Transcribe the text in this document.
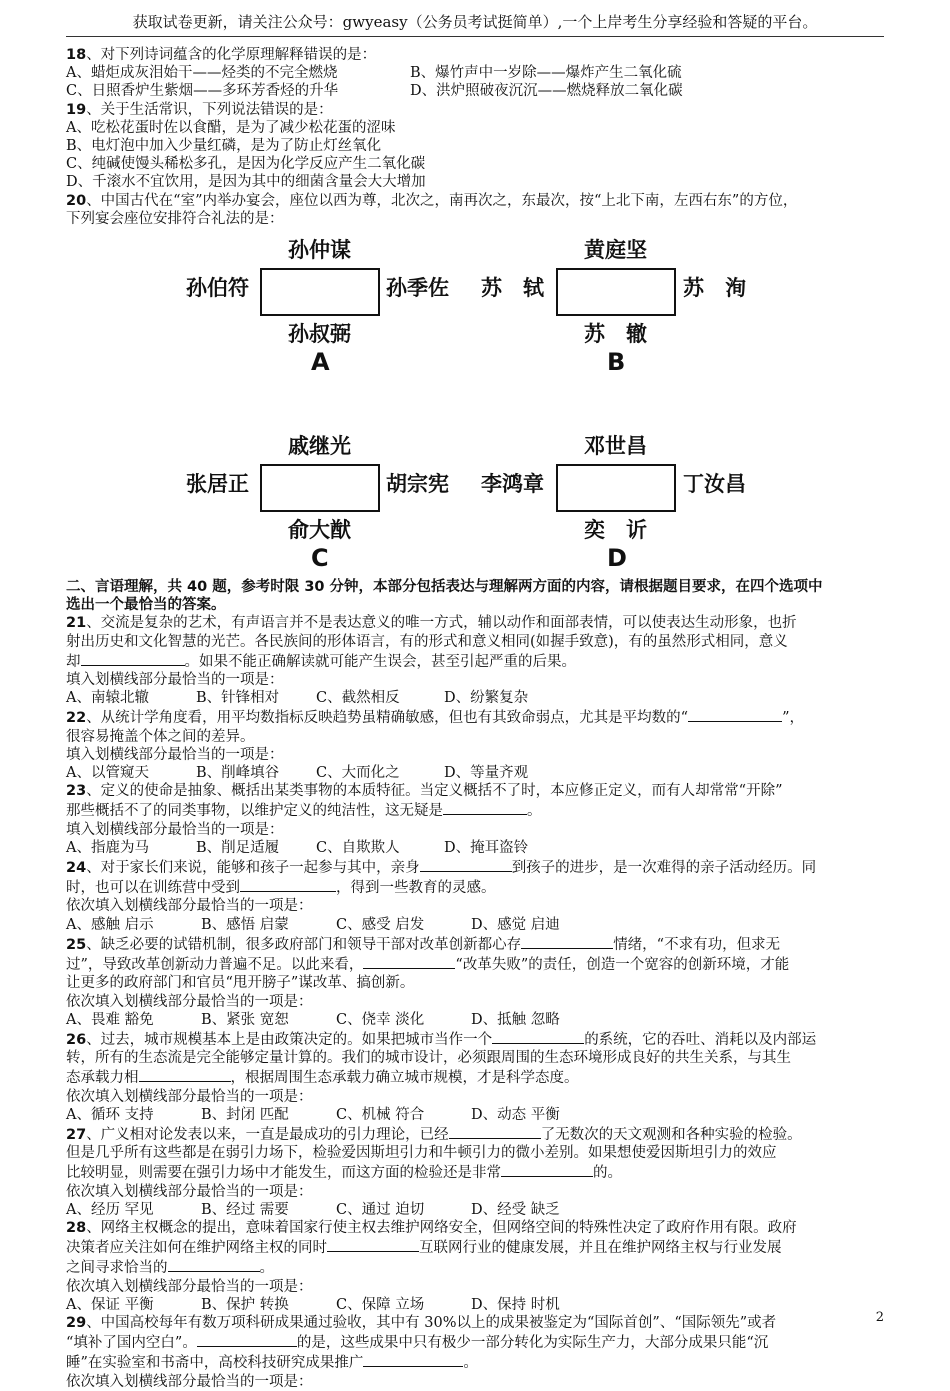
获取试卷更新，请关注公众号：gwyeasy（公务员考试挺简单）,一个上岸考生分享经验和答疑的平台。
18、对下列诗词蕴含的化学原理解释错误的是：
A、蜡炬成灰泪始干——烃类的不完全燃烧	B、爆竹声中一岁除——爆炸产生二氧化硫
C、日照香炉生紫烟——多环芳香烃的升华	D、洪炉照破夜沉沉——燃烧释放二氧化碳
19、关于生活常识，下列说法错误的是：
A、吃松花蛋时佐以食醋，是为了减少松花蛋的涩味
B、电灯泡中加入少量红磷，是为了防止灯丝氧化
C、纯碱使馒头稀松多孔，是因为化学反应产生二氧化碳
D、千滚水不宜饮用，是因为其中的细菌含量会大大增加
20、中国古代在“室”内举办宴会，座位以西为尊，北次之，南再次之，东最次，按“上北下南，左西右东”的方位，
下列宴会座位安排符合礼法的是：
孙仲谋
孙伯符	孙季佐
孙叔弼
A
黄庭坚
苏　轼	苏　洵
苏　辙
B
戚继光
张居正	胡宗宪
俞大猷
C
邓世昌
李鸿章	丁汝昌
奕　䜣
D
二、言语理解，共 40 题，参考时限 30 分钟，本部分包括表达与理解两方面的内容，请根据题目要求，在四个选项中
选出一个最恰当的答案。
21、交流是复杂的艺术，有声语言并不是表达意义的唯一方式，辅以动作和面部表情，可以使表达生动形象，也折
射出历史和文化智慧的光芒。各民族间的形体语言，有的形式和意义相同(如握手致意)，有的虽然形式相同，意义
却	。如果不能正确解读就可能产生误会，甚至引起严重的后果。
填入划横线部分最恰当的一项是：
A、南辕北辙	B、针锋相对	C、截然相反	D、纷繁复杂
22、从统计学角度看，用平均数指标反映趋势虽精确敏感，但也有其致命弱点，尤其是平均数的“	”，
很容易掩盖个体之间的差异。
填入划横线部分最恰当的一项是：
A、以管窥天	B、削峰填谷	C、大而化之	D、等量齐观
23、定义的使命是抽象、概括出某类事物的本质特征。当定义概括不了时，本应修正定义，而有人却常常“开除”
那些概括不了的同类事物，以维护定义的纯洁性，这无疑是	。
填入划横线部分最恰当的一项是：
A、指鹿为马	B、削足适履	C、自欺欺人	D、掩耳盗铃
24、对于家长们来说，能够和孩子一起参与其中，亲身	到孩子的进步，是一次难得的亲子活动经历。同
时，也可以在训练营中受到	，得到一些教育的灵感。
依次填入划横线部分最恰当的一项是：
A、感触 启示	B、感悟 启蒙	C、感受 启发	D、感觉 启迪
25、缺乏必要的试错机制，很多政府部门和领导干部对改革创新都心存	情绪，“不求有功，但求无
过”，导致改革创新动力普遍不足。以此来看，	“改革失败”的责任，创造一个宽容的创新环境，才能
让更多的政府部门和官员“甩开膀子”谋改革、搞创新。
依次填入划横线部分最恰当的一项是：
A、畏难 豁免	B、紧张 宽恕	C、侥幸 淡化	D、抵触 忽略
26、过去，城市规模基本上是由政策决定的。如果把城市当作一个	的系统，它的吞吐、消耗以及内部运
转，所有的生态流是完全能够定量计算的。我们的城市设计，必须跟周围的生态环境形成良好的共生关系，与其生
态承载力相	，根据周围生态承载力确立城市规模，才是科学态度。
依次填入划横线部分最恰当的一项是：
A、循环 支持	B、封闭 匹配	C、机械 符合	D、动态 平衡
27、广义相对论发表以来，一直是最成功的引力理论，已经	了无数次的天文观测和各种实验的检验。
但是几乎所有这些都是在弱引力场下，检验爱因斯坦引力和牛顿引力的微小差别。如果想使爱因斯坦引力的效应
比较明显，则需要在强引力场中才能发生，而这方面的检验还是非常	的。
依次填入划横线部分最恰当的一项是：
A、经历 罕见	B、经过 需要	C、通过 迫切	D、经受 缺乏
28、网络主权概念的提出，意味着国家行使主权去维护网络安全，但网络空间的特殊性决定了政府作用有限。政府
决策者应关注如何在维护网络主权的同时	互联网行业的健康发展，并且在维护网络主权与行业发展
之间寻求恰当的	。
依次填入划横线部分最恰当的一项是：
A、保证 平衡	B、保护 转换	C、保障 立场	D、保持 时机
29、中国高校每年有数万项科研成果通过验收，其中有 30%以上的成果被鉴定为“国际首创”、“国际领先”或者
“填补了国内空白”。	的是，这些成果中只有极少一部分转化为实际生产力，大部分成果只能“沉
睡”在实验室和书斋中，高校科技研究成果推广	。
依次填入划横线部分最恰当的一项是：
2
